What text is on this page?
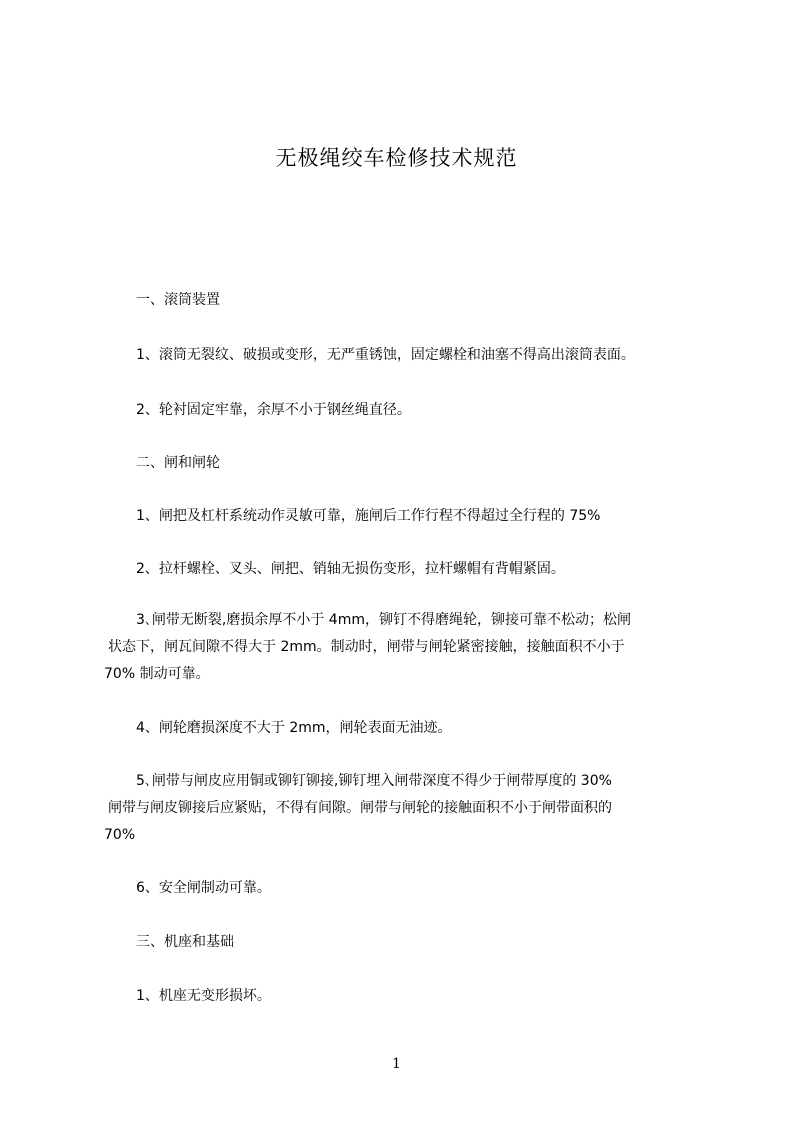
无极绳绞车检修技术规范
一、滚筒装置
1、滚筒无裂纹、破损或变形，无严重锈蚀，固定螺栓和油塞不得高出滚筒表面。
2、轮衬固定牢靠，余厚不小于钢丝绳直径。
二、闸和闸轮
1、闸把及杠杆系统动作灵敏可靠，施闸后工作行程不得超过全行程的 75%
2、拉杆螺栓、叉头、闸把、销轴无损伤变形，拉杆螺帽有背帽紧固。
3､闸带无断裂,磨损余厚不小于 4mm，铆钉不得磨绳轮，铆接可靠不松动；松闸
状态下，闸瓦间隙不得大于 2mm。制动时，闸带与闸轮紧密接触，接触面积不小于
70% 制动可靠。
4、闸轮磨损深度不大于 2mm，闸轮表面无油迹。
5､闸带与闸皮应用铜或铆钉铆接,铆钉埋入闸带深度不得少于闸带厚度的 30%
闸带与闸皮铆接后应紧贴，不得有间隙。闸带与闸轮的接触面积不小于闸带面积的
70%
6、安全闸制动可靠。
三、机座和基础
1、机座无变形损坏。
1
